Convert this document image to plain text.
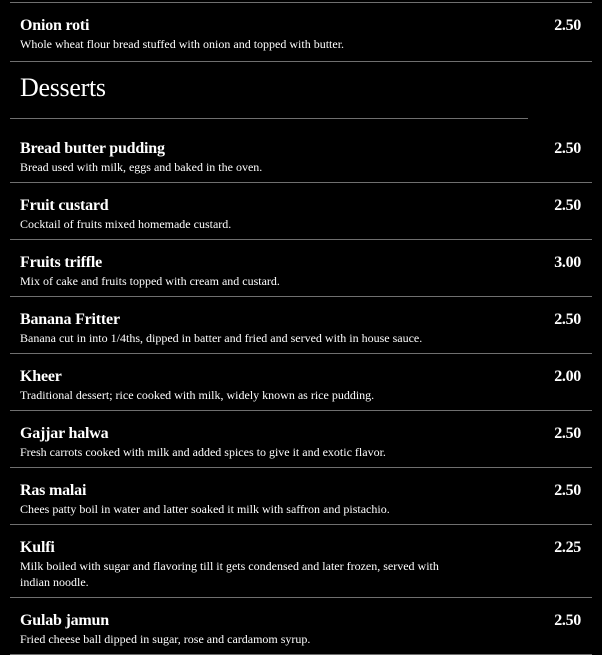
Onion roti
Whole wheat flour bread stuffed with onion and topped with butter.
2.50
Desserts
Bread butter pudding
Bread used with milk, eggs and baked in the oven.
2.50
Fruit custard
Cocktail of fruits mixed homemade custard.
2.50
Fruits triffle
Mix of cake and fruits topped with cream and custard.
3.00
Banana Fritter
Banana cut in into 1/4ths, dipped in batter and fried and served with in house sauce.
2.50
Kheer
Traditional dessert; rice cooked with milk, widely known as rice pudding.
2.00
Gajjar halwa
Fresh carrots cooked with milk and added spices to give it and exotic flavor.
2.50
Ras malai
Chees patty boil in water and latter soaked it milk with saffron and pistachio.
2.50
Kulfi
Milk boiled with sugar and flavoring till it gets condensed and later frozen, served with indian noodle.
2.25
Gulab jamun
Fried cheese ball dipped in sugar, rose and cardamom syrup.
2.50
